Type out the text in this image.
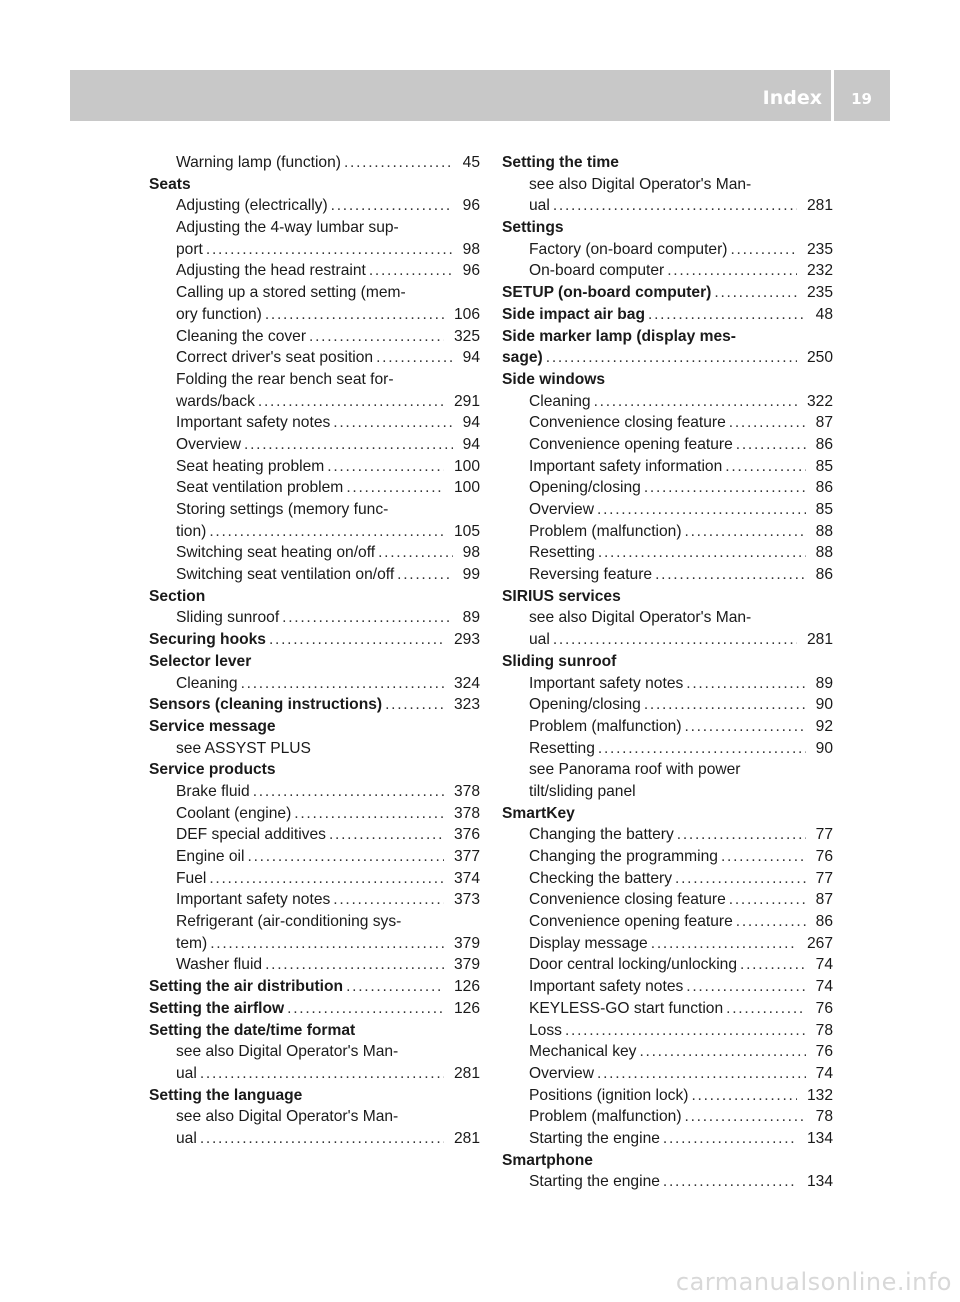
Index 19
Warning lamp (function) . . .	45
Seats
Adjusting (electrically) . . .	96
Adjusting the 4-way lumbar sup-
port . . .	98
Adjusting the head restraint . . .	96
Calling up a stored setting (mem-
ory function) . . .	106
Cleaning the cover . . .	325
Correct driver's seat position . . .	94
Folding the rear bench seat for-
wards/back . . .	291
Important safety notes . . .	94
Overview . . .	94
Seat heating problem . . .	100
Seat ventilation problem . . .	100
Storing settings (memory func-
tion) . . .	105
Switching seat heating on/off . . .	98
Switching seat ventilation on/off . . .	99
Section
Sliding sunroof . . .	89
Securing hooks . . .	293
Selector lever
Cleaning . . .	324
Sensors (cleaning instructions) . . .	323
Service message
see ASSYST PLUS
Service products
Brake fluid . . .	378
Coolant (engine) . . .	378
DEF special additives . . .	376
Engine oil . . .	377
Fuel . . .	374
Important safety notes . . .	373
Refrigerant (air-conditioning sys-
tem) . . .	379
Washer fluid . . .	379
Setting the air distribution . . .	126
Setting the airflow . . .	126
Setting the date/time format
see also Digital Operator's Man-
ual . . .	281
Setting the language
see also Digital Operator's Man-
ual . . .	281
Setting the time
see also Digital Operator's Man-
ual . . .	281
Settings
Factory (on-board computer) . . .	235
On-board computer . . .	232
SETUP (on-board computer) . . .	235
Side impact air bag . . .	48
Side marker lamp (display mes-
sage) . . .	250
Side windows
Cleaning . . .	322
Convenience closing feature . . .	87
Convenience opening feature . . .	86
Important safety information . . .	85
Opening/closing . . .	86
Overview . . .	85
Problem (malfunction) . . .	88
Resetting . . .	88
Reversing feature . . .	86
SIRIUS services
see also Digital Operator's Man-
ual . . .	281
Sliding sunroof
Important safety notes . . .	89
Opening/closing . . .	90
Problem (malfunction) . . .	92
Resetting . . .	90
see Panorama roof with power
tilt/sliding panel
SmartKey
Changing the battery . . .	77
Changing the programming . . .	76
Checking the battery . . .	77
Convenience closing feature . . .	87
Convenience opening feature . . .	86
Display message . . .	267
Door central locking/unlocking . . .	74
Important safety notes . . .	74
KEYLESS-GO start function . . .	76
Loss . . .	78
Mechanical key . . .	76
Overview . . .	74
Positions (ignition lock) . . .	132
Problem (malfunction) . . .	78
Starting the engine . . .	134
Smartphone
Starting the engine . . .	134
carmanualsonline.info
